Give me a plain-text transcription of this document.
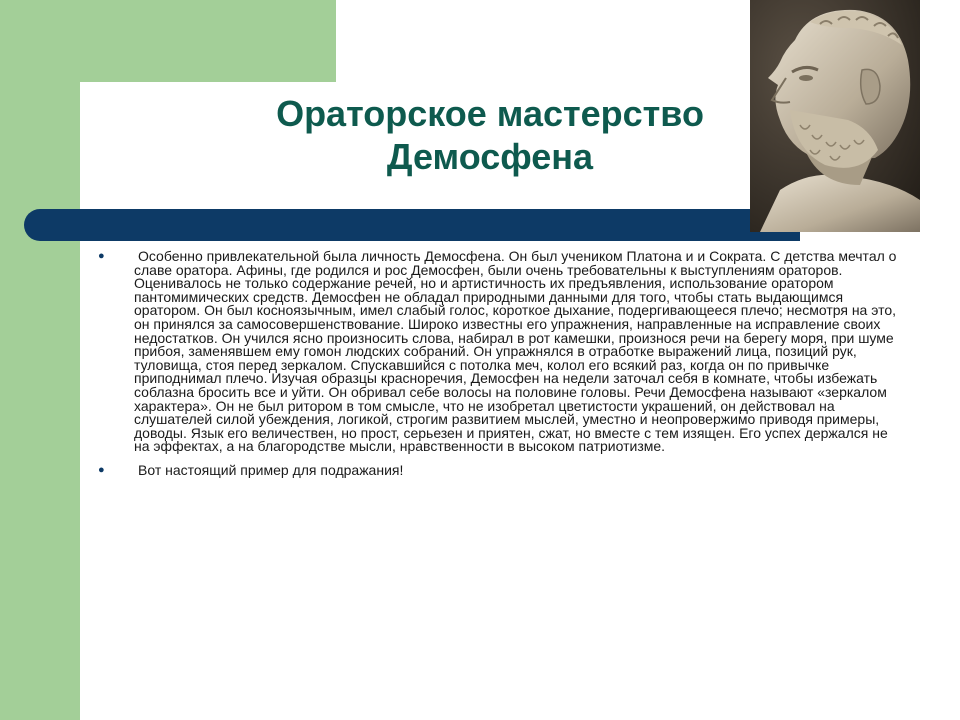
Ораторское мастерство
Демосфена
● Особенно привлекательной была личность Демосфена. Он был учеником Платона и и Сократа. С детства мечтал о славе оратора. Афины, где родился и рос Демосфен, были очень требовательны к выступлениям ораторов. Оценивалось не только содержание речей, но и артистичность их предъявления, использование оратором пантомимических средств. Демосфен не обладал природными данными для того, чтобы стать выдающимся оратором. Он был косноязычным, имел слабый голос, короткое дыхание, подергивающееся плечо; несмотря на это, он принялся за самосовершенствование. Широко известны его упражнения, направленные на исправление своих недостатков. Он учился ясно произносить слова, набирал в рот камешки, произнося речи на берегу моря, при шуме прибоя, заменявшем ему гомон людских собраний. Он упражнялся в отработке выражений лица, позиций рук, туловища, стоя перед зеркалом. Спускавшийся с потолка меч, колол его всякий раз, когда он по привычке приподнимал плечо. Изучая образцы красноречия, Демосфен на недели заточал себя в комнате, чтобы избежать соблазна бросить все и уйти. Он обривал себе волосы на половине головы. Речи Демосфена называют «зеркалом характера». Он не был ритором в том смысле, что не изобретал цветистости украшений, он действовал на слушателей силой убеждения, логикой, строгим развитием мыслей, уместно и неопровержимо приводя примеры, доводы. Язык его величествен, но прост, серьезен и приятен, сжат, но вместе с тем изящен. Его успех держался не на эффектах, а на благородстве мысли, нравственности в высоком патриотизме.
● Вот настоящий пример для подражания!
